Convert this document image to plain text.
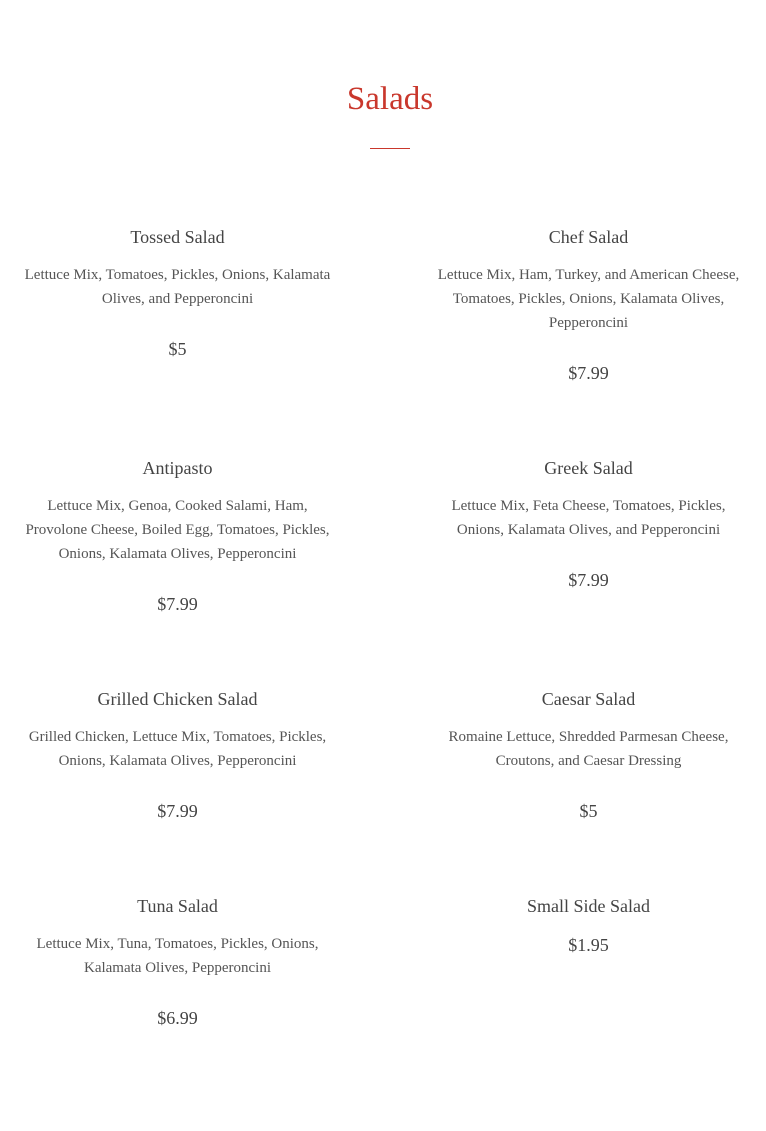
Salads
Tossed Salad
Lettuce Mix, Tomatoes, Pickles, Onions, Kalamata Olives, and Pepperoncini
$5
Chef Salad
Lettuce Mix, Ham, Turkey, and American Cheese, Tomatoes, Pickles, Onions, Kalamata Olives, Pepperoncini
$7.99
Antipasto
Lettuce Mix, Genoa, Cooked Salami, Ham, Provolone Cheese, Boiled Egg, Tomatoes, Pickles, Onions, Kalamata Olives, Pepperoncini
$7.99
Greek Salad
Lettuce Mix, Feta Cheese, Tomatoes, Pickles, Onions, Kalamata Olives, and Pepperoncini
$7.99
Grilled Chicken Salad
Grilled Chicken, Lettuce Mix, Tomatoes, Pickles, Onions, Kalamata Olives, Pepperoncini
$7.99
Caesar Salad
Romaine Lettuce, Shredded Parmesan Cheese, Croutons, and Caesar Dressing
$5
Tuna Salad
Lettuce Mix, Tuna, Tomatoes, Pickles, Onions, Kalamata Olives, Pepperoncini
$6.99
Small Side Salad
$1.95
